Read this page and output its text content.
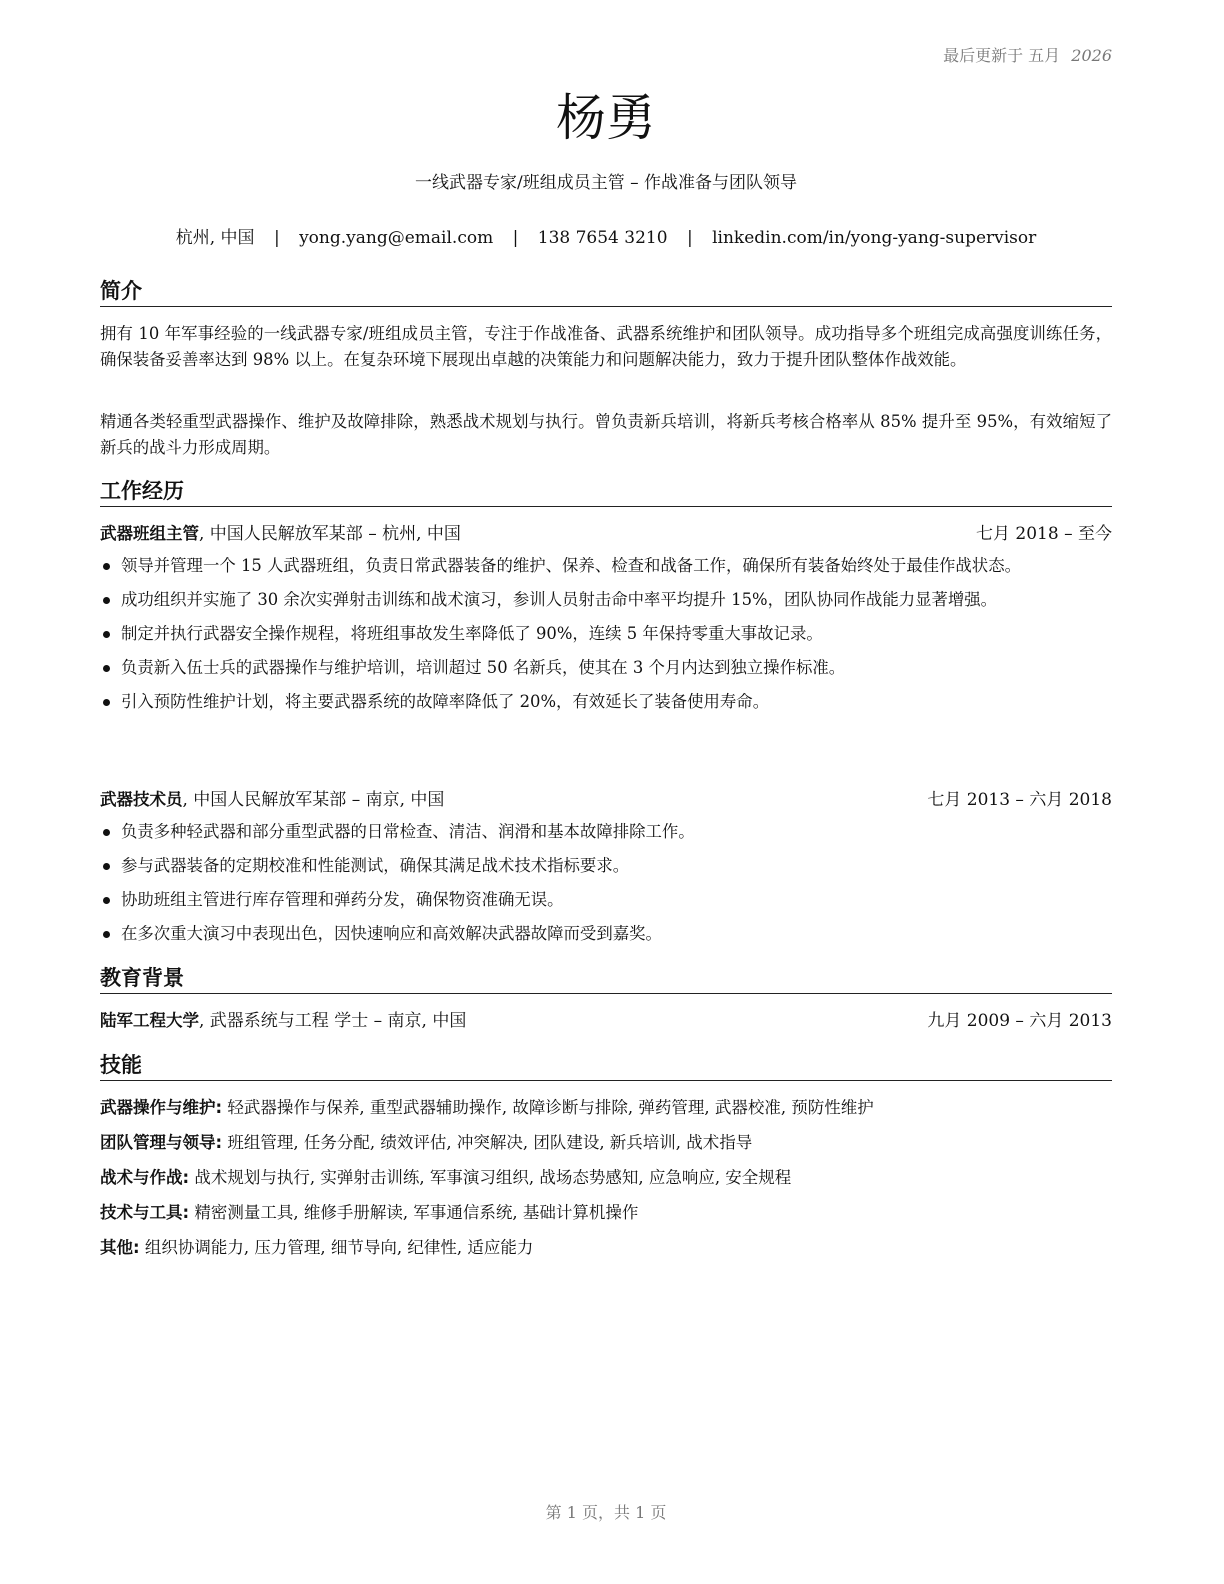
最后更新于 五月 2026
杨勇
一线武器专家/班组成员主管 – 作战准备与团队领导
杭州, 中国 | yong.yang@email.com | 138 7654 3210 | linkedin.com/in/yong-yang-supervisor
简介

拥有 10 年军事经验的一线武器专家/班组成员主管，专注于作战准备、武器系统维护和团队领导。成功指导多个班组完成高强度训练任务，确保装备妥善率达到 98% 以上。在复杂环境下展现出卓越的决策能力和问题解决能力，致力于提升团队整体作战效能。

精通各类轻重型武器操作、维护及故障排除，熟悉战术规划与执行。曾负责新兵培训，将新兵考核合格率从 85% 提升至 95%，有效缩短了新兵的战斗力形成周期。

工作经历
武器班组主管, 中国人民解放军某部 – 杭州, 中国	七月 2018 – 至今
领导并管理一个 15 人武器班组，负责日常武器装备的维护、保养、检查和战备工作，确保所有装备始终处于最佳作战状态。
成功组织并实施了 30 余次实弹射击训练和战术演习，参训人员射击命中率平均提升 15%，团队协同作战能力显著增强。
制定并执行武器安全操作规程，将班组事故发生率降低了 90%，连续 5 年保持零重大事故记录。
负责新入伍士兵的武器操作与维护培训，培训超过 50 名新兵，使其在 3 个月内达到独立操作标准。
引入预防性维护计划，将主要武器系统的故障率降低了 20%，有效延长了装备使用寿命。
武器技术员, 中国人民解放军某部 – 南京, 中国	七月 2013 – 六月 2018
负责多种轻武器和部分重型武器的日常检查、清洁、润滑和基本故障排除工作。
参与武器装备的定期校准和性能测试，确保其满足战术技术指标要求。
协助班组主管进行库存管理和弹药分发，确保物资准确无误。
在多次重大演习中表现出色，因快速响应和高效解决武器故障而受到嘉奖。
教育背景
陆军工程大学, 武器系统与工程 学士 – 南京, 中国	九月 2009 – 六月 2013
技能
武器操作与维护: 轻武器操作与保养, 重型武器辅助操作, 故障诊断与排除, 弹药管理, 武器校准, 预防性维护
团队管理与领导: 班组管理, 任务分配, 绩效评估, 冲突解决, 团队建设, 新兵培训, 战术指导
战术与作战: 战术规划与执行, 实弹射击训练, 军事演习组织, 战场态势感知, 应急响应, 安全规程
技术与工具: 精密测量工具, 维修手册解读, 军事通信系统, 基础计算机操作
其他: 组织协调能力, 压力管理, 细节导向, 纪律性, 适应能力
第 1 页，共 1 页
